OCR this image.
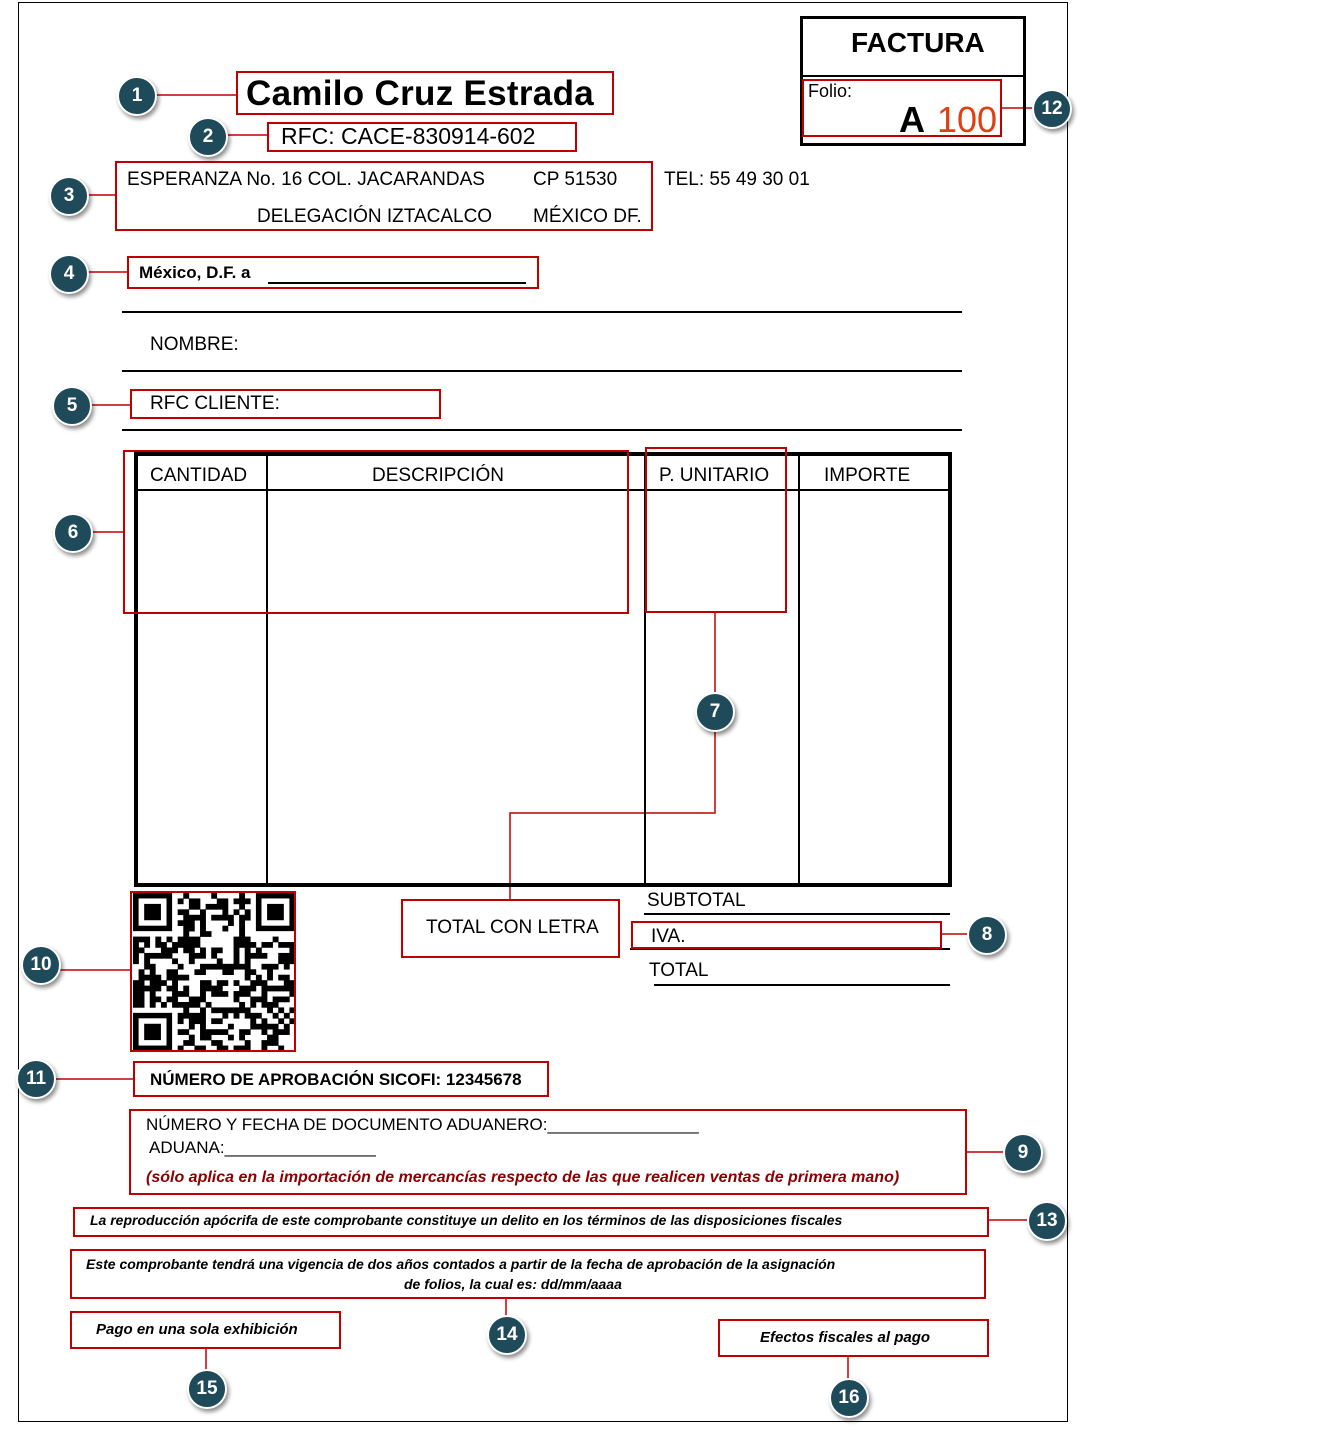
FACTURA
Folio:
A 100
Camilo Cruz Estrada
RFC: CACE-830914-602
ESPERANZA No. 16 COL. JACARANDAS	CP 51530
DELEGACIÓN IZTACALCO MÉXICO DF.
TEL: 55 49 30 01
México, D.F. a
NOMBRE:
RFC CLIENTE:
CANTIDAD	DESCRIPCIÓN	P. UNITARIO	IMPORTE
TOTAL CON LETRA
SUBTOTAL
IVA.
TOTAL
NÚMERO DE APROBACIÓN SICOFI: 12345678
NÚMERO Y FECHA DE DOCUMENTO ADUANERO:________________
ADUANA:________________
(sólo aplica en la importación de mercancías respecto de las que realicen ventas de primera mano)
La reproducción apócrifa de este comprobante constituye un delito en los términos de las disposiciones fiscales
Este comprobante tendrá una vigencia de dos años contados a partir de la fecha de aprobación de la asignación
de folios, la cual es: dd/mm/aaaa
Pago en una sola exhibición	Efectos fiscales al pago
1
2
3
4
5
6
7
8
9
10
11
12
13
14
15	16
